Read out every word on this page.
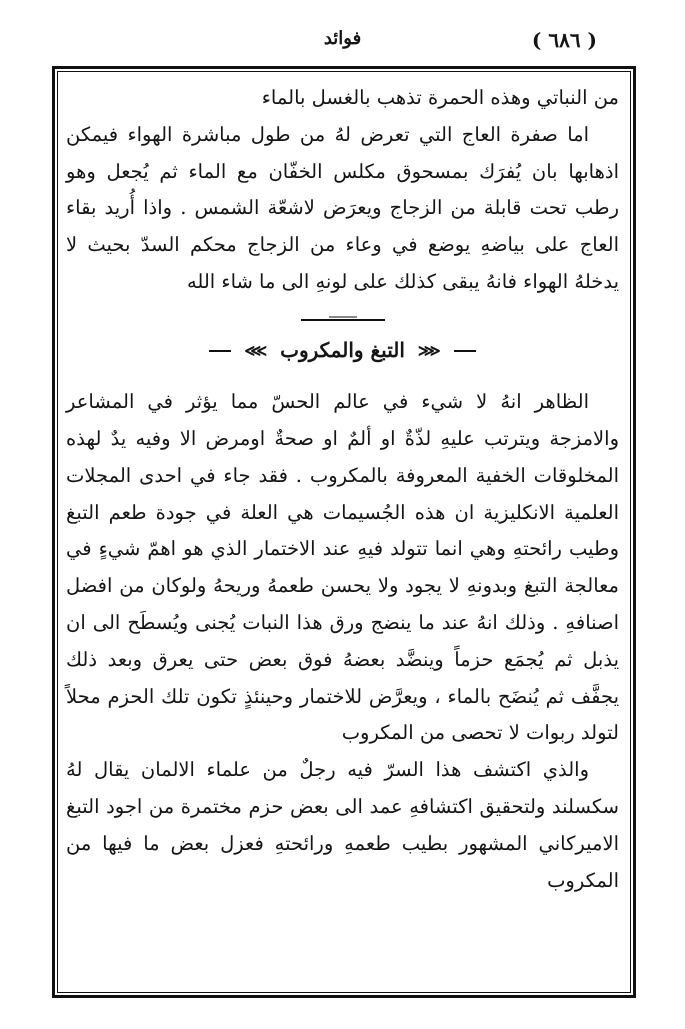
( ٦٨٦ )
فوائد

من النباتي وهذه الحمرة تذهب بالغسل بالماء

اما صفرة العاج التي تعرض لهُ من طول مباشرة الهواء فيمكن اذهابها بان يُفرَك بمسحوق مكلس الخفّان مع الماء ثم يُجعل وهو رطب تحت قابلة من الزجاج ويعرَض لاشعّة الشمس . واذا أُريد بقاء العاج على بياضهِ يوضع في وعاء من الزجاج محكم السدّ بحيث لا يدخلهُ الهواء فانهُ يبقى كذلك على لونهِ الى ما شاء الله

⋘ التبغ والمكروب ⋙

الظاهر انهُ لا شيء في عالم الحسّ مما يؤثر في المشاعر والامزجة ويترتب عليهِ لذّةٌ او ألمٌ او صحةٌ اومرض الا وفيه يدٌ لهذه المخلوقات الخفية المعروفة بالمكروب . فقد جاء في احدى المجلات العلمية الانكليزية ان هذه الجُسيمات هي العلة في جودة طعم التبغ وطيب رائحتهِ وهي انما تتولد فيهِ عند الاختمار الذي هو اهمّ شيءٍ في معالجة التبغ وبدونهِ لا يجود ولا يحسن طعمهُ وريحهُ ولوكان من افضل اصنافهِ . وذلك انهُ عند ما ينضج ورق هذا النبات يُجنى ويُسطَح الى ان يذبل ثم يُجمَع حزماً وينضَّد بعضهُ فوق بعض حتى يعرق وبعد ذلك يجفَّف ثم يُنضَح بالماء ، ويعرَّض للاختمار وحينئذٍ تكون تلك الحزم محلاً لتولد ربوات لا تحصى من المكروب

والذي اكتشف هذا السرّ فيه رجلٌ من علماء الالمان يقال لهُ سكسلند ولتحقيق اكتشافهِ عمد الى بعض حزم مختمرة من اجود التبغ الاميركاني المشهور بطيب طعمهِ ورائحتهِ فعزل بعض ما فيها من المكروب
